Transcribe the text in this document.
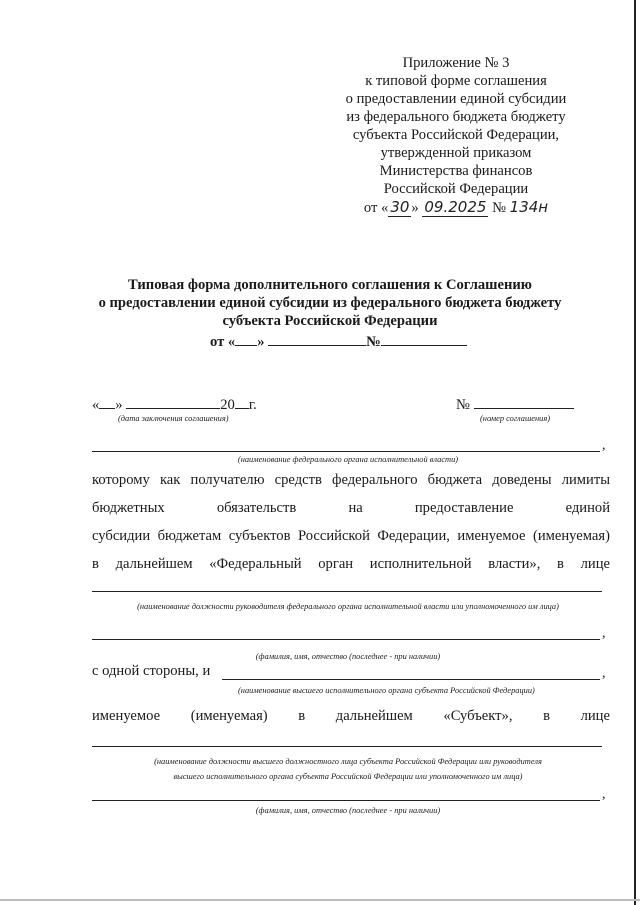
Приложение № 3
к типовой форме соглашения
о предоставлении единой субсидии
из федерального бюджета бюджету
субъекта Российской Федерации,
утвержденной приказом
Министерства финансов
Российской Федерации
от « 30 » 09.2025 № 134н
Типовая форма дополнительного соглашения к Соглашению
о предоставлении единой субсидии из федерального бюджета бюджету
субъекта Российской Федерации
от « »	№
« »	20 г.
(дата заключения соглашения)
№
(номер соглашения)
,
(наименование федерального органа исполнительной власти)
которому как получателю средств федерального бюджета доведены лимиты
бюджетных	обязательств	на	предоставление	единой
субсидии бюджетам субъектов Российской Федерации, именуемое (именуемая)
в дальнейшем «Федеральный орган исполнительной власти», в лице
(наименование должности руководителя федерального органа исполнительной власти или уполномоченного им лица)
,
(фамилия, имя, отчество (последнее - при наличии)
с одной стороны, и	,
(наименование высшего исполнительного органа субъекта Российской Федерации)
именуемое (именуемая) в дальнейшем «Субъект», в лице
(наименование должности высшего должностного лица субъекта Российской Федерации или руководителя
высшего исполнительного органа субъекта Российской Федерации или уполномоченного им лица)
,
(фамилия, имя, отчество (последнее - при наличии)
